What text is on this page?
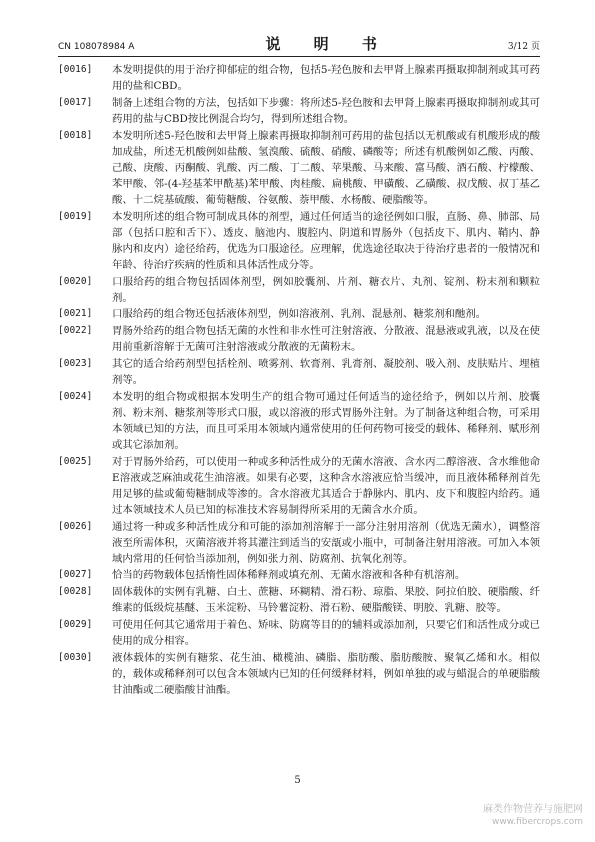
CN 108078984 A	说 明 书	3/12 页

[0016] 本发明提供的用于治疗抑郁症的组合物，包括5-羟色胺和去甲肾上腺素再摄取抑制剂或其可药用的盐和CBD。

[0017] 制备上述组合物的方法，包括如下步骤：将所述5-羟色胺和去甲肾上腺素再摄取抑制剂或其可药用的盐与CBD按比例混合均匀，得到所述组合物。

[0018] 本发明所述5-羟色胺和去甲肾上腺素再摄取抑制剂可药用的盐包括以无机酸或有机酸形成的酸加成盐，所述无机酸例如盐酸、氢溴酸、硫酸、硝酸、磷酸等；所述有机酸例如乙酸、丙酸、己酸、庚酸、丙酮酸、乳酸、丙二酸、丁二酸、苹果酸、马来酸、富马酸、酒石酸、柠檬酸、苯甲酸、邻-(4-羟基苯甲酰基)苯甲酸、肉桂酸、扁桃酸、甲磺酸、乙磺酸、叔戊酸、叔丁基乙酸、十二烷基硫酸、葡萄糖酸、谷氨酸、萘甲酸、水杨酸、硬脂酸等。

[0019] 本发明所述的组合物可制成具体的剂型，通过任何适当的途径例如口服，直肠、鼻、肺部、局部（包括口腔和舌下）、透皮、脑池内、腹腔内、阴道和胃肠外（包括皮下、肌内、鞘内、静脉内和皮内）途径给药，优选为口服途径。应理解，优选途径取决于待治疗患者的一般情况和年龄、待治疗疾病的性质和具体活性成分等。

[0020] 口服给药的组合物包括固体剂型，例如胶囊剂、片剂、糖衣片、丸剂、锭剂、粉末剂和颗粒剂。

[0021] 口服给药的组合物还包括液体剂型，例如溶液剂、乳剂、混悬剂、糖浆剂和酏剂。

[0022] 胃肠外给药的组合物包括无菌的水性和非水性可注射溶液、分散液、混悬液或乳液，以及在使用前重新溶解于无菌可注射溶液或分散液的无菌粉末。

[0023] 其它的适合给药剂型包括栓剂、喷雾剂、软膏剂、乳膏剂、凝胶剂、吸入剂、皮肤贴片、埋植剂等。

[0024] 本发明的组合物或根据本发明生产的组合物可通过任何适当的途径给予，例如以片剂、胶囊剂、粉末剂、糖浆剂等形式口服，或以溶液的形式胃肠外注射。为了制备这种组合物，可采用本领域已知的方法，而且可采用本领域内通常使用的任何药物可接受的载体、稀释剂、赋形剂或其它添加剂。

[0025] 对于胃肠外给药，可以使用一种或多种活性成分的无菌水溶液、含水丙二醇溶液、含水维他命E溶液或芝麻油或花生油溶液。如果有必要，这种含水溶液应恰当缓冲，而且液体稀释剂首先用足够的盐或葡萄糖制成等渗的。含水溶液尤其适合于静脉内、肌内、皮下和腹腔内给药。通过本领域技术人员已知的标准技术容易制得所采用的无菌含水介质。

[0026] 通过将一种或多种活性成分和可能的添加剂溶解于一部分注射用溶剂（优选无菌水），调整溶液至所需体积，灭菌溶液并将其灌注到适当的安瓿或小瓶中，可制备注射用溶液。可加入本领域内常用的任何恰当添加剂，例如张力剂、防腐剂、抗氧化剂等。

[0027] 恰当的药物载体包括惰性固体稀释剂或填充剂、无菌水溶液和各种有机溶剂。

[0028] 固体载体的实例有乳糖、白土、蔗糖、环糊精、滑石粉、琼脂、果胶、阿拉伯胶、硬脂酸、纤维素的低级烷基醚、玉米淀粉、马铃薯淀粉、滑石粉、硬脂酸镁、明胶、乳糖、胶等。

[0029] 可使用任何其它通常用于着色、矫味、防腐等目的的辅料或添加剂，只要它们和活性成分或已使用的成分相容。

[0030] 液体载体的实例有糖浆、花生油、橄榄油、磷脂、脂肪酸、脂肪酸胺、聚氧乙烯和水。相似的，载体或稀释剂可以包含本领域内已知的任何缓释材料，例如单独的或与蜡混合的单硬脂酸甘油酯或二硬脂酸甘油酯。

5
麻类作物营养与施肥网
www.fibercrops.com
